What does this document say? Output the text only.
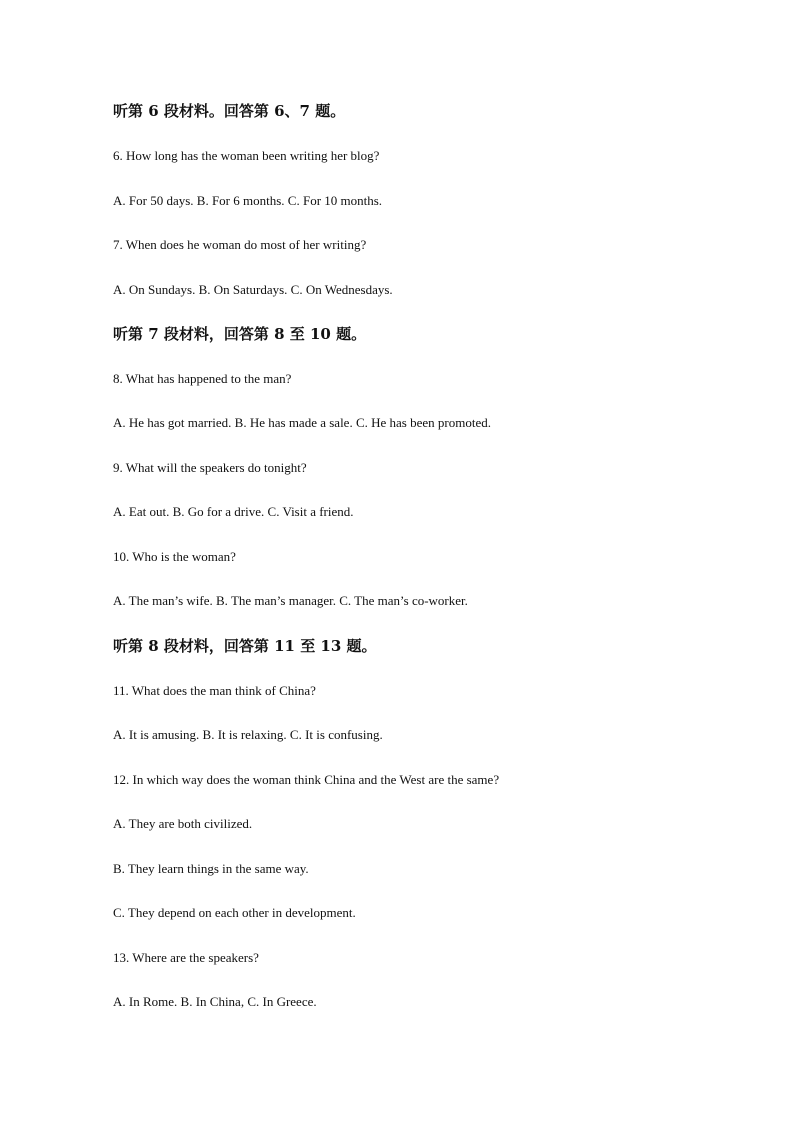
听第 6 段材料。回答第 6、7 题。
6. How long has the woman been writing her blog?
A. For 50 days. B. For 6 months. C. For 10 months.
7. When does he woman do most of her writing?
A. On Sundays. B. On Saturdays. C. On Wednesdays.
听第 7 段材料，回答第 8 至 10 题。
8. What has happened to the man?
A. He has got married. B. He has made a sale. C. He has been promoted.
9. What will the speakers do tonight?
A. Eat out. B. Go for a drive. C. Visit a friend.
10. Who is the woman?
A. The man’s wife. B. The man’s manager. C. The man’s co-worker.
听第 8 段材料，回答第 11 至 13 题。
11. What does the man think of China?
A. It is amusing. B. It is relaxing. C. It is confusing.
12. In which way does the woman think China and the West are the same?
A. They are both civilized.
B. They learn things in the same way.
C. They depend on each other in development.
13. Where are the speakers?
A. In Rome. B. In China, C. In Greece.
